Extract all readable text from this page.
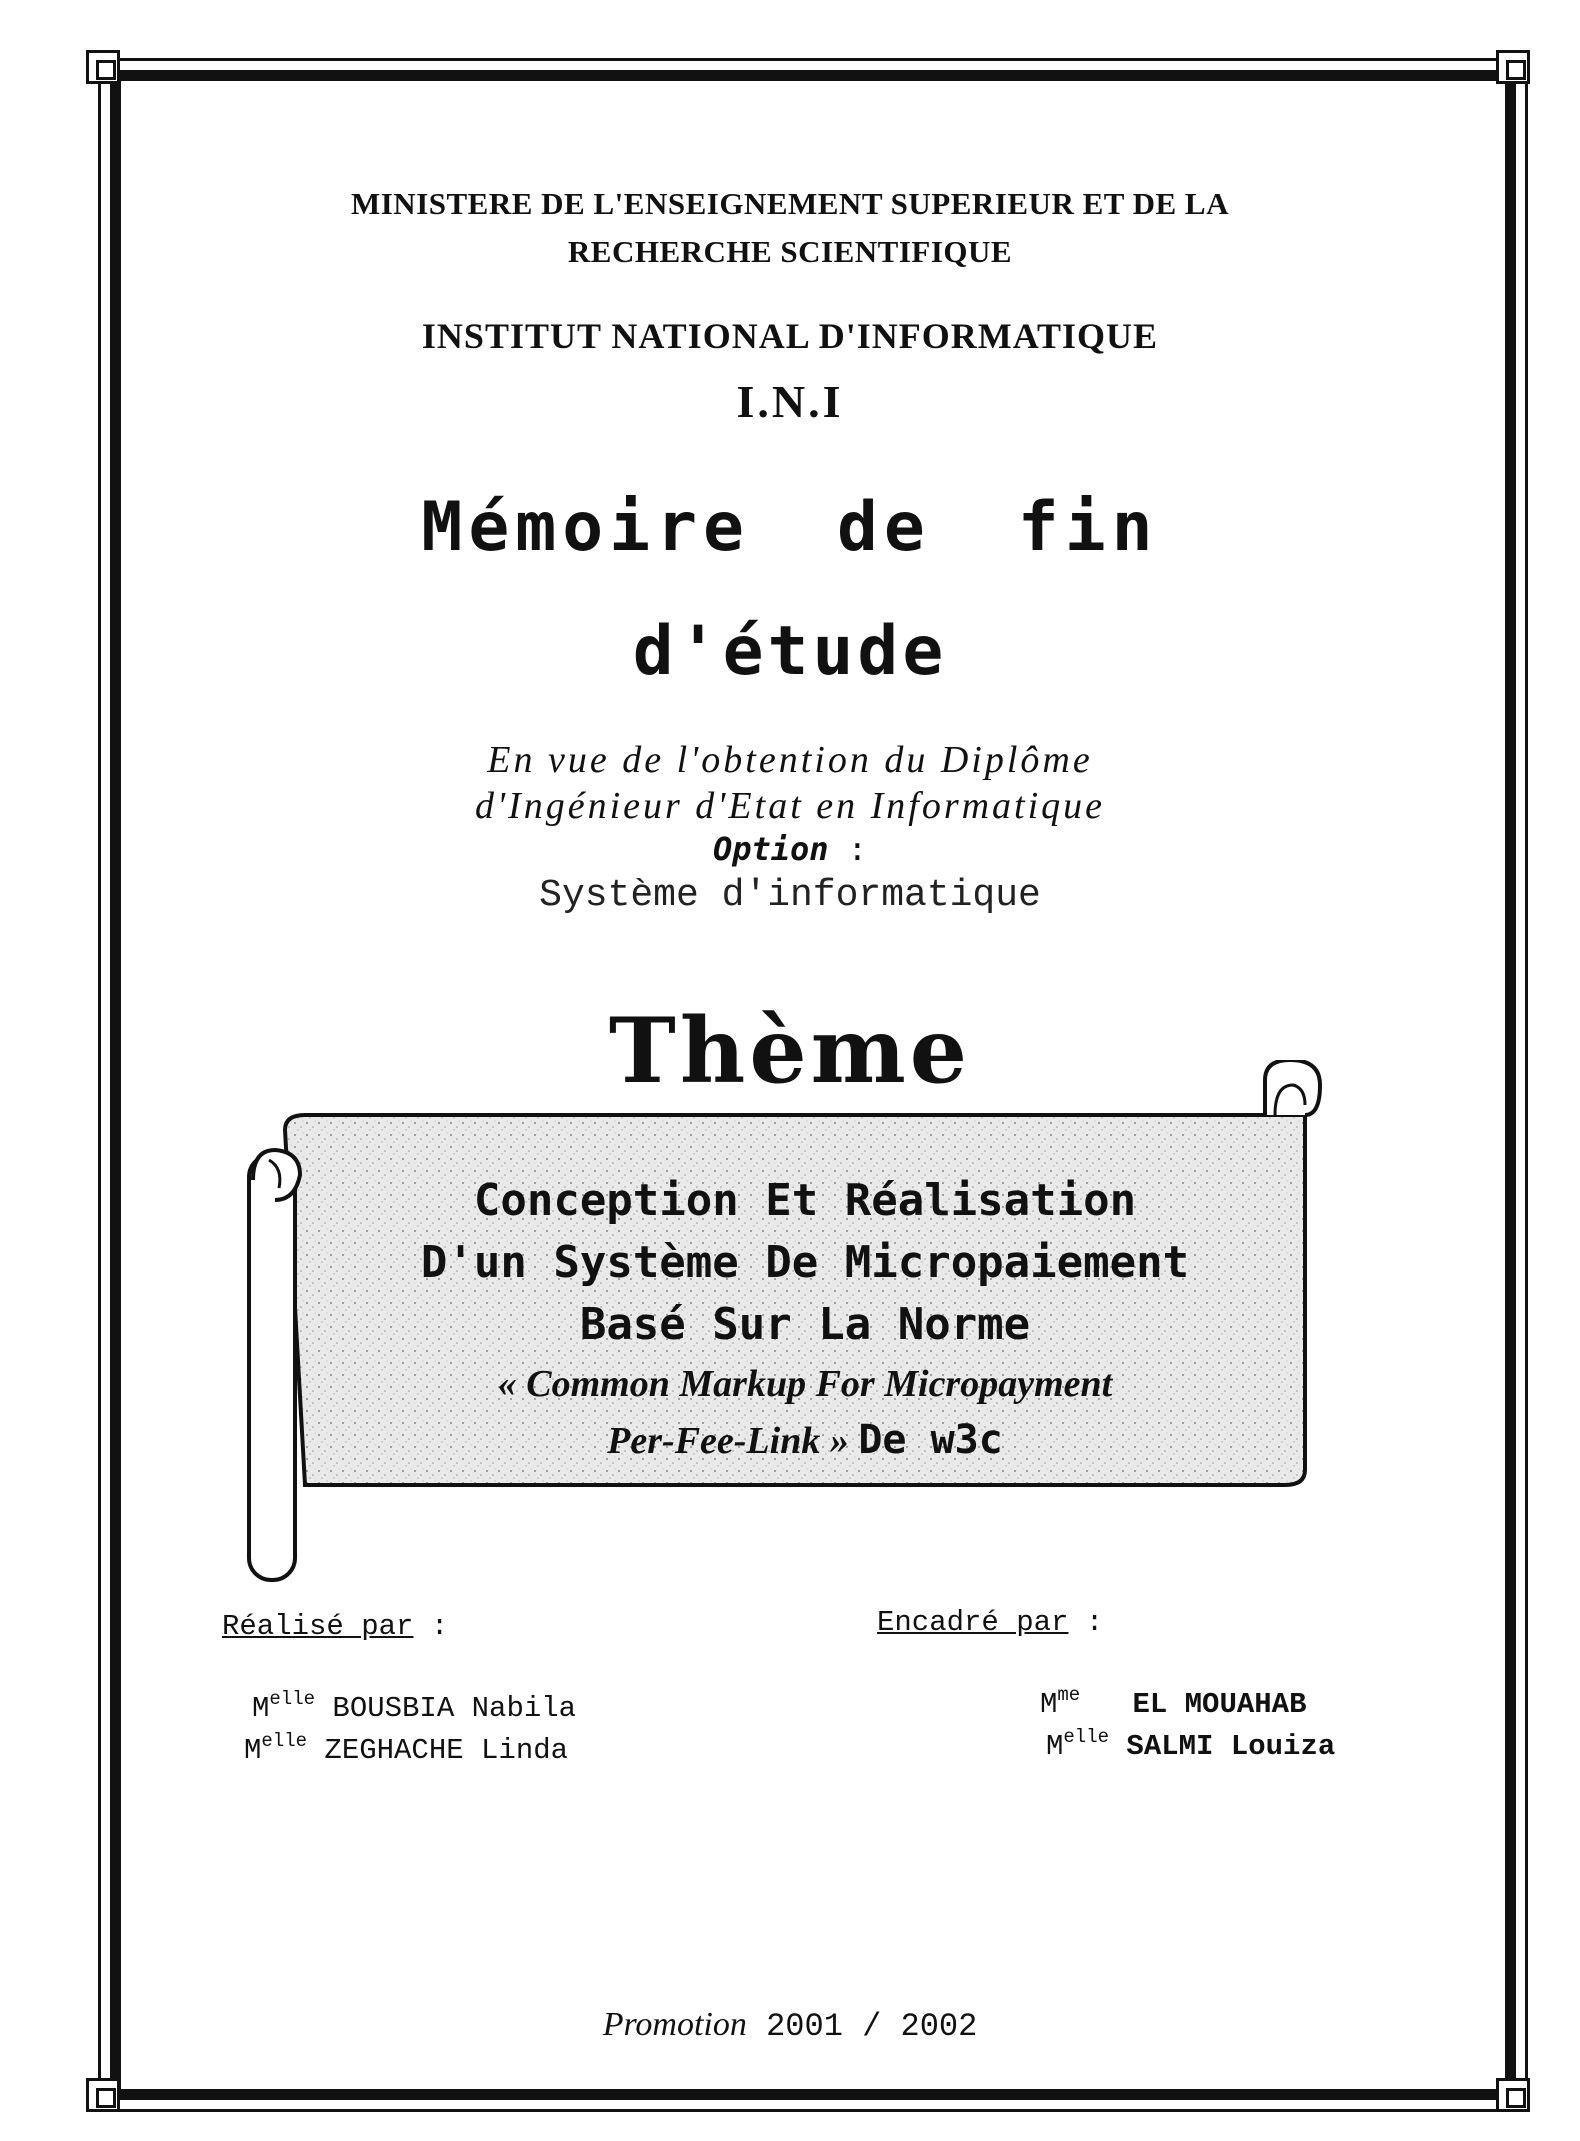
MINISTERE DE L'ENSEIGNEMENT SUPERIEUR ET DE LA
RECHERCHE SCIENTIFIQUE
INSTITUT NATIONAL D'INFORMATIQUE
I.N.I
Mémoire de fin
d'étude
En vue de l'obtention du Diplôme
d'Ingénieur d'Etat en Informatique
Option :
Système d'informatique
Thème
Conception Et Réalisation
D'un Système De Micropaiement
Basé Sur La Norme
« Common Markup For Micropayment
Per-Fee-Link » De w3c
Réalisé par :	Encadré par :
$M^{elle}$ BOUSBIA Nabila
$M^{elle}$ ZEGHACHE Linda
$M^{me}$ EL MOUAHAB
$M^{elle}$ SALMI Louiza
Promotion 2001 / 2002
